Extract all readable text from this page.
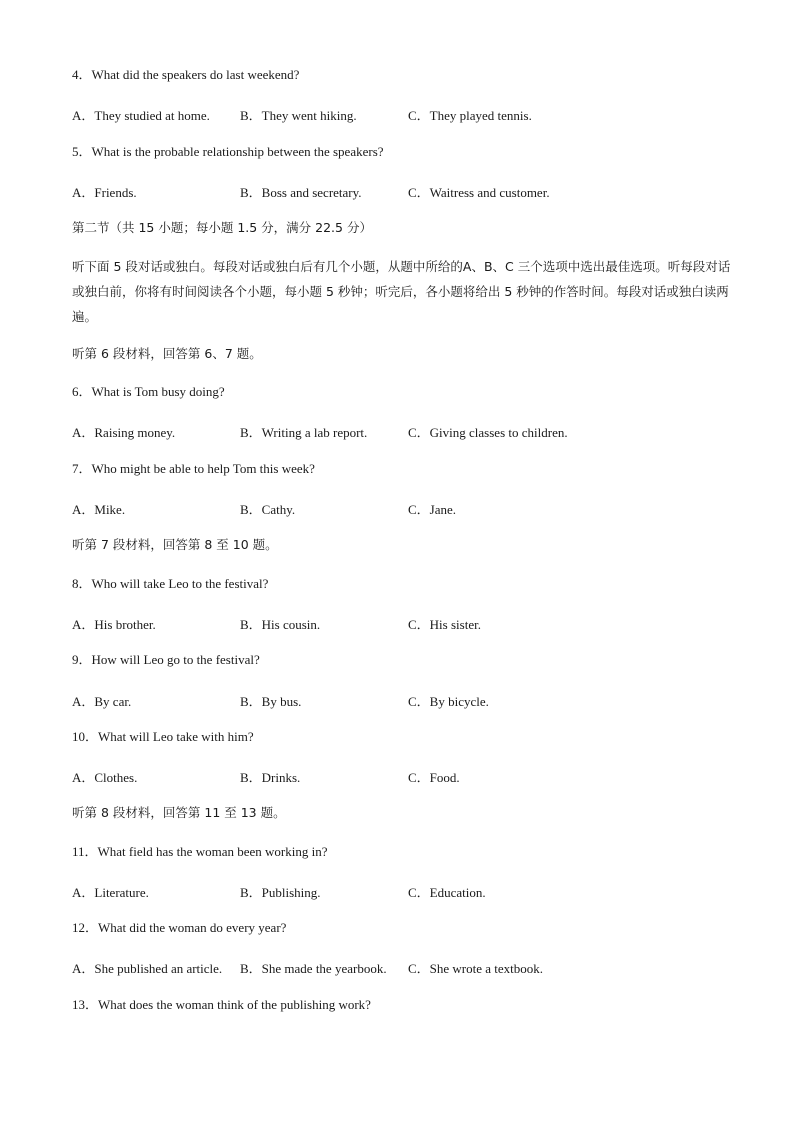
4．What did the speakers do last weekend?
A．They studied at home. B．They went hiking.	C．They played tennis.
5．What is the probable relationship between the speakers?
A．Friends.	B．Boss and secretary.	C．Waitress and customer.
第二节（共 15 小题；每小题 1.5 分，满分 22.5 分）
听下面 5 段对话或独白。每段对话或独白后有几个小题，从题中所给的A、B、C 三个选项中选出最佳选项。听每段对话或独白前，你将有时间阅读各个小题，每小题 5 秒钟；听完后，各小题将给出 5 秒钟的作答时间。每段对话或独白读两遍。
听第 6 段材料，回答第 6、7 题。
6．What is Tom busy doing?
A．Raising money.	B．Writing a lab report.	C．Giving classes to children.
7．Who might be able to help Tom this week?
A．Mike.	B．Cathy.	C．Jane.
听第 7 段材料，回答第 8 至 10 题。
8．Who will take Leo to the festival?
A．His brother.	B．His cousin.	C．His sister.
9．How will Leo go to the festival?
A．By car.	B．By bus.	C．By bicycle.
10．What will Leo take with him?
A．Clothes.	B．Drinks.	C．Food.
听第 8 段材料，回答第 11 至 13 题。
11．What field has the woman been working in?
A．Literature.	B．Publishing.	C．Education.
12．What did the woman do every year?
A．She published an article. B．She made the yearbook. C．She wrote a textbook.
13．What does the woman think of the publishing work?
